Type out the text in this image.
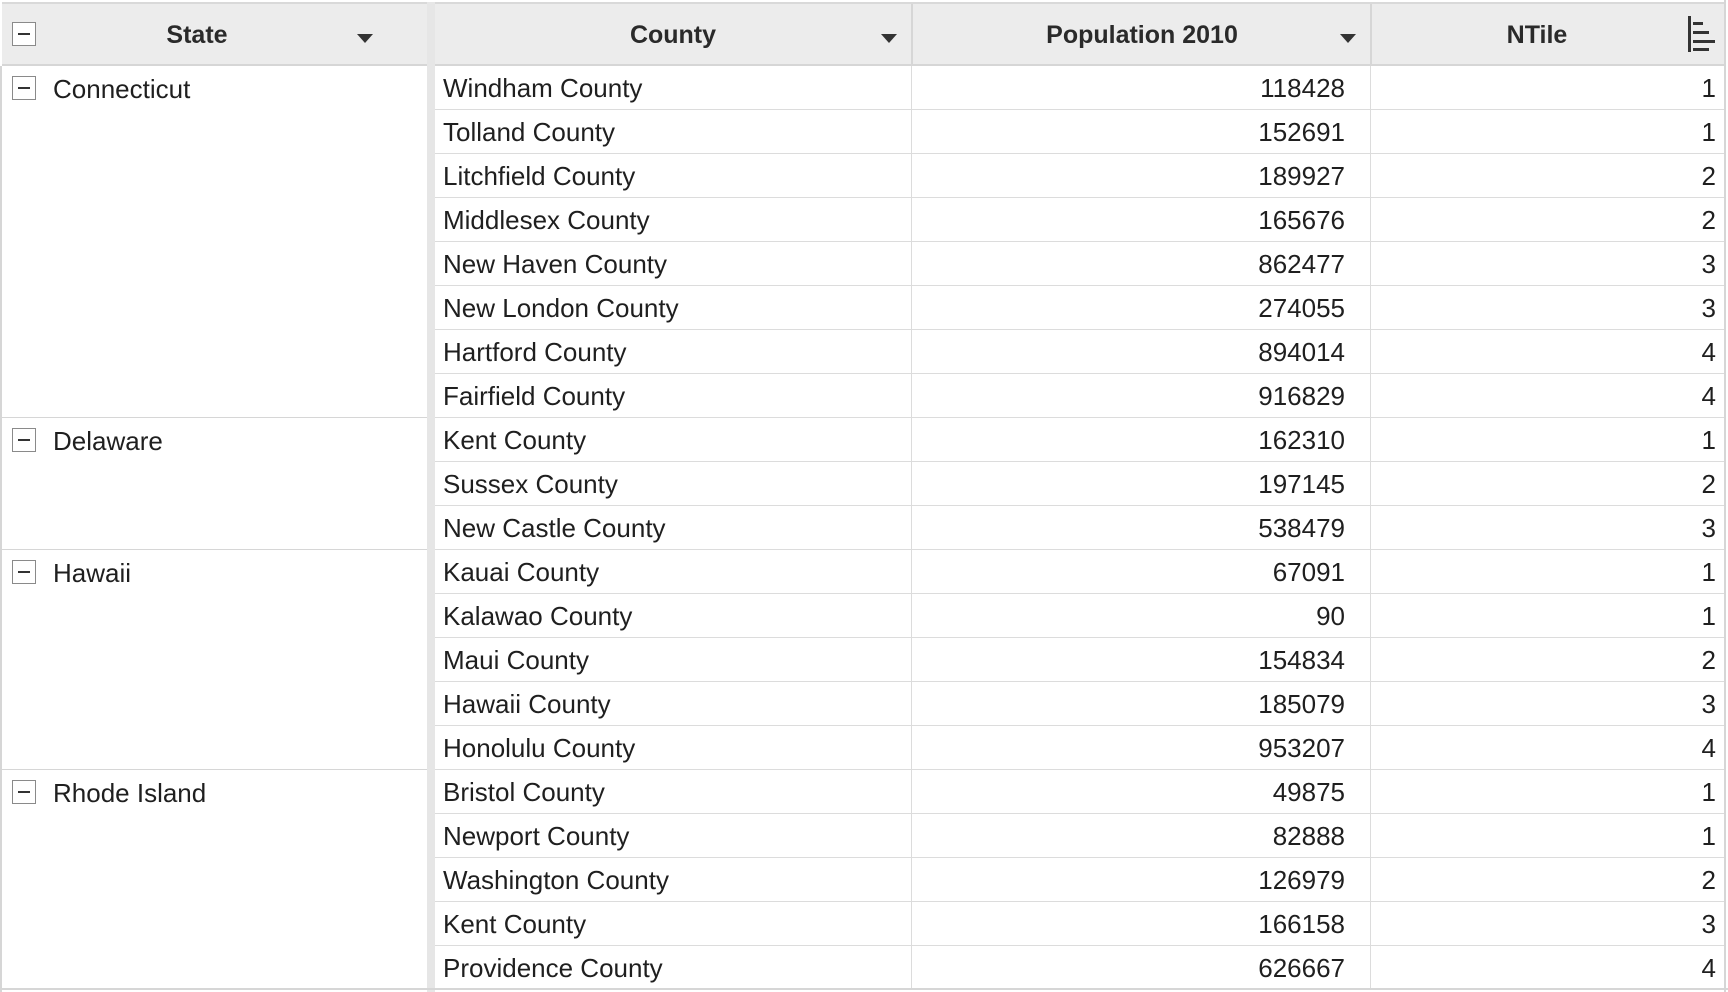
State	County	Population 2010	NTile
Connecticut	Windham County	118428	1
Tolland County	152691	1
Litchfield County	189927	2
Middlesex County	165676	2
New Haven County	862477	3
New London County	274055	3
Hartford County	894014	4
Fairfield County	916829	4
Delaware	Kent County	162310	1
Sussex County	197145	2
New Castle County	538479	3
Hawaii	Kauai County	67091	1
Kalawao County	90	1
Maui County	154834	2
Hawaii County	185079	3
Honolulu County	953207	4
Rhode Island	Bristol County	49875	1
Newport County	82888	1
Washington County	126979	2
Kent County	166158	3
Providence County	626667	4
